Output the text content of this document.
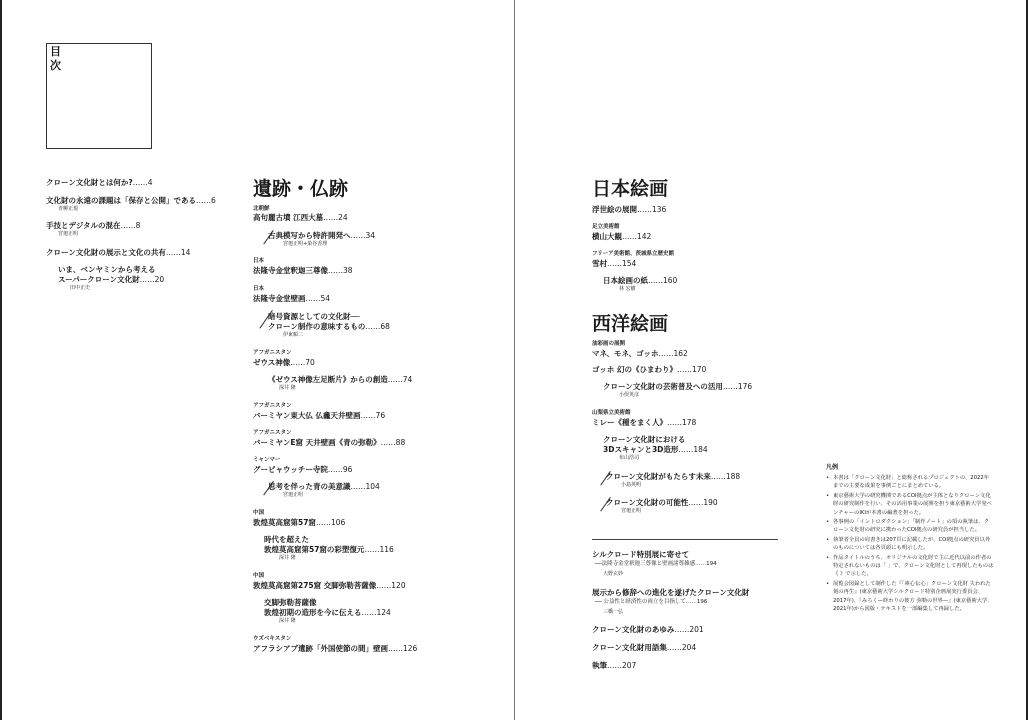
目
次
クローン文化財とは何か?……4
文化財の永遠の課題は「保存と公開」である……6
青柳正規
手技とデジタルの混在……8
宮廻正明
クローン文化財の展示と文化の共有……14
いま、ベンヤミンから考える
スーパークローン文化財……20
田中正史
遺跡・仏跡
北朝鮮
高句麗古墳 江西大墓……24
古典模写から特許開発へ……34
宮廻正明+染谷香理
日本
法隆寺金堂釈迦三尊像……38
日本
法隆寺金堂壁画……54
暗号資源としての文化財──
クローン制作の意味するもの……68
伊東順二
アフガニスタン
ゼウス神像……70
《ゼウス神像左足断片》からの創造……74
深井 隆
アフガニスタン
バーミヤン東大仏 仏龕天井壁画……76
アフガニスタン
バーミヤンE窟 天井壁画《青の弥勒》……88
ミャンマー
グービャウッチー寺院……96
思考を伴った青の美意識……104
宮廻正明
中国
敦煌莫高窟第57窟……106
時代を超えた
敦煌莫高窟第57窟の彩塑復元……116
深井 隆
中国
敦煌莫高窟第275窟 交脚弥勒菩薩像……120
交脚弥勒菩薩像
敦煌初期の造形を今に伝える……124
深井 隆
ウズベキスタン
アフラシアブ遺跡「外国使節の間」壁画……126
日本絵画
浮世絵の展開……136
足立美術館
横山大観……142
フリーア美術館、茨城県立歴史館
雪村……154
日本絵画の紙……160
林 宏樹
西洋絵画
油彩画の展開
マネ、モネ、ゴッホ……162
ゴッホ 幻の《ひまわり》……170
クローン文化財の芸術普及への活用……176
小俣英彦
山梨県立美術館
ミレー《種をまく人》……178
クローン文化財における
3Dスキャンと3D造形……184
布山浩司
クローン文化財がもたらす未来……188
小島英明
クローン文化財の可能性……190
宮廻正明
シルクロード特別展に寄せて
──法隆寺金堂釈迦三尊像と壁画諸尊雑感……194
大野玄妙
展示から修辞への進化を遂げたクローン文化財
── 公益性と経済性の両立を目指して……196
三橋一弘
クローン文化財のあゆみ……201
クローン文化財用語集……204
執筆……207
凡例
• 本書は「クローン文化財」と総称されるプロジェクトの、2022年までの主要な成果を事例ごとにまとめている。
• 東京藝術大学の研究機関であるCOI拠点が主体となりクローン文化財の研究制作を行い、その活用事業の展開を担う東京藝術大学発ベンチャーのIKIが本書の編著を担った。
• 各事例の「イントロダクション」「制作ノート」の項の執筆は、クローン文化財の研究に携わったCOI拠点の研究員が担当した。
• 執筆者全員の肩書きは207頁に記載したが、COI拠点の研究員以外のものについては各頁頭にも明示した。
• 作品タイトルのうち、オリジナルの文化財で主に近代以前の作者の特定されないものは「 」で、クローン文化財として再現したものは《 》で示した。
• 展覧会図録として制作した『「素心伝心」クローン文化財 失われた刻の再生』(東京藝術大学シルクロード特別企画展実行委員会、2017年)、『みろく—終わりの彼方 弥勒の世界—』(東京藝術大学、2021年)から図版・テキストを一部編集して再録した。
